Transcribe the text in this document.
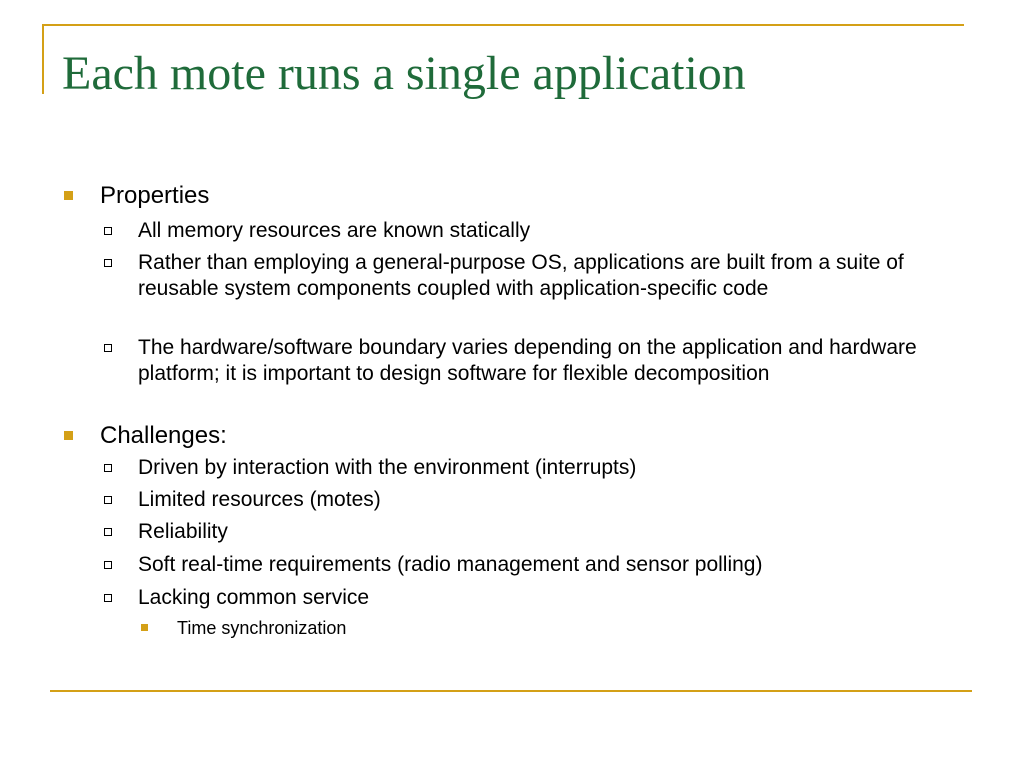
Each mote runs a single application
Properties
All memory resources are known statically
Rather than employing a general-purpose OS, applications are built from a suite of reusable system components coupled with application-specific code
The hardware/software boundary varies depending on the application and hardware platform; it is important to design software for flexible decomposition
Challenges:
Driven by interaction with the environment (interrupts)
Limited resources (motes)
Reliability
Soft real-time requirements (radio management and sensor polling)
Lacking common service
Time synchronization
